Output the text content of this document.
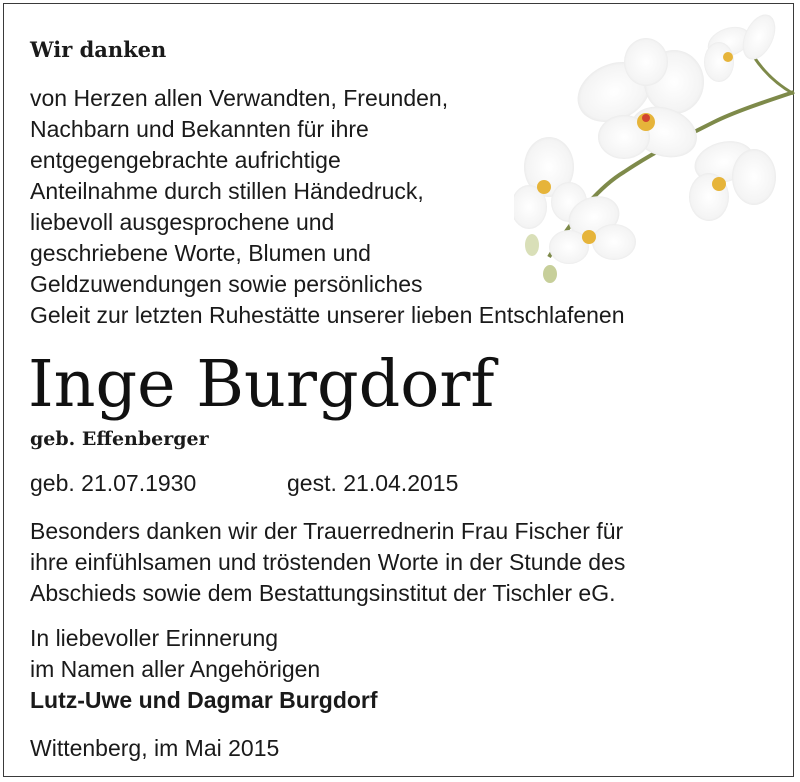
Wir danken
von Herzen allen Verwandten, Freunden,
Nachbarn und Bekannten für ihre
entgegengebrachte aufrichtige
Anteilnahme durch stillen Händedruck,
liebevoll ausgesprochene und
geschriebene Worte, Blumen und
Geldzuwendungen sowie persönliches
Geleit zur letzten Ruhestätte unserer lieben Entschlafenen
Inge Burgdorf
geb. Effenberger
geb. 21.07.1930	gest. 21.04.2015
Besonders danken wir der Trauerrednerin Frau Fischer für
ihre einfühlsamen und tröstenden Worte in der Stunde des
Abschieds sowie dem Bestattungsinstitut der Tischler eG.
In liebevoller Erinnerung
im Namen aller Angehörigen
Lutz-Uwe und Dagmar Burgdorf
Wittenberg, im Mai 2015
